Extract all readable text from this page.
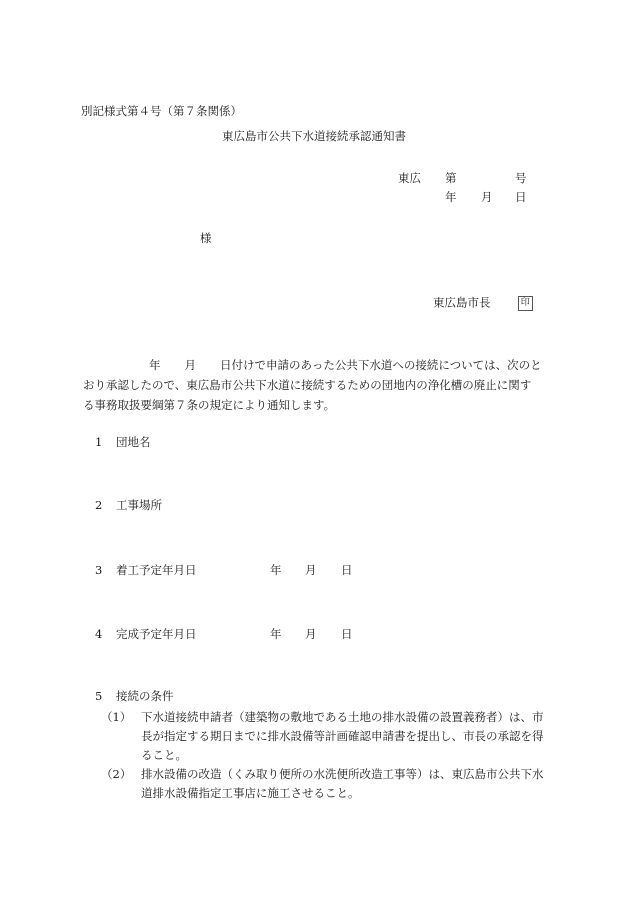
別記様式第４号（第７条関係）
東広島市公共下水道接続承認通知書
東広 第	号
年 月 日
様
東広島市長	印

年 月 日付けで申請のあった公共下水道への接続については、次のと

おり承認したので、東広島市公共下水道に接続するための団地内の浄化槽の廃止に関す

る事務取扱要綱第７条の規定により通知します。

1 団地名
2 工事場所
3 着工予定年月日	年 月 日
4 完成予定年月日	年 月 日
5 接続の条件
（1） 下水道接続申請者（建築物の敷地である土地の排水設備の設置義務者）は、市長が指定する期日までに排水設備等計画確認申請書を提出し、市長の承認を得ること。
（2） 排水設備の改造（くみ取り便所の水洗便所改造工事等）は、東広島市公共下水道排水設備指定工事店に施工させること。
